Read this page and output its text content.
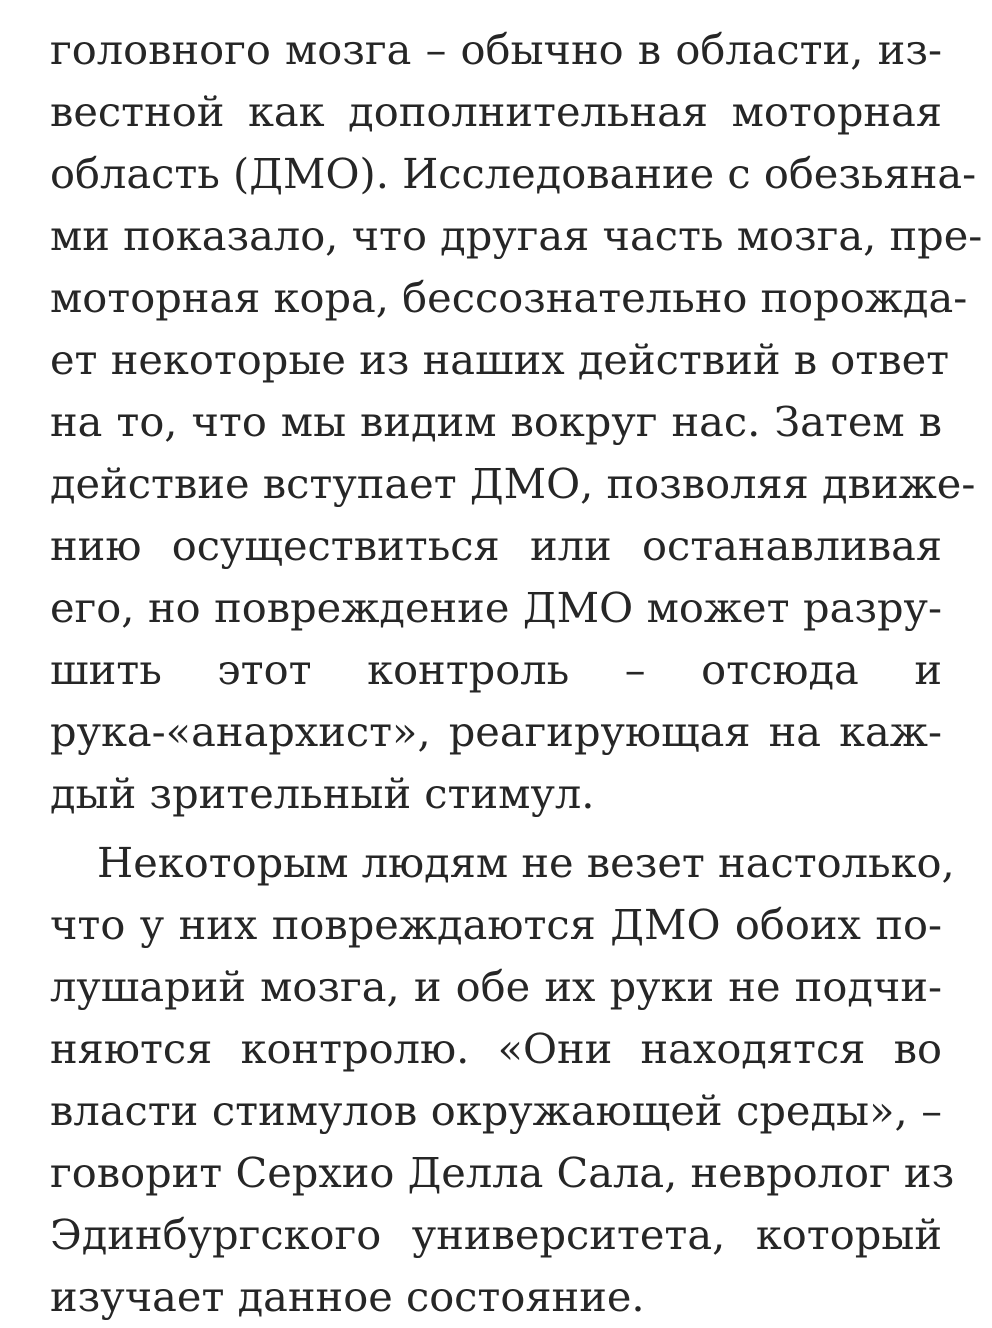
головного мозга – обычно в области, из-
вестной как дополнительная моторная
область (ДМО). Исследование с обезьяна-
ми показало, что другая часть мозга, пре-
моторная кора, бессознательно порожда-
ет некоторые из наших действий в ответ
на то, что мы видим вокруг нас. Затем в
действие вступает ДМО, позволяя движе-
нию осуществиться или останавливая
его, но повреждение ДМО может разру-
шить этот контроль – отсюда и
рука-«анархист», реагирующая на каж-
дый зрительный стимул.
Некоторым людям не везет настолько,
что у них повреждаются ДМО обоих по-
лушарий мозга, и обе их руки не подчи-
няются контролю. «Они находятся во
власти стимулов окружающей среды», –
говорит Серхио Делла Сала, невролог из
Эдинбургского университета, который
изучает данное состояние.
